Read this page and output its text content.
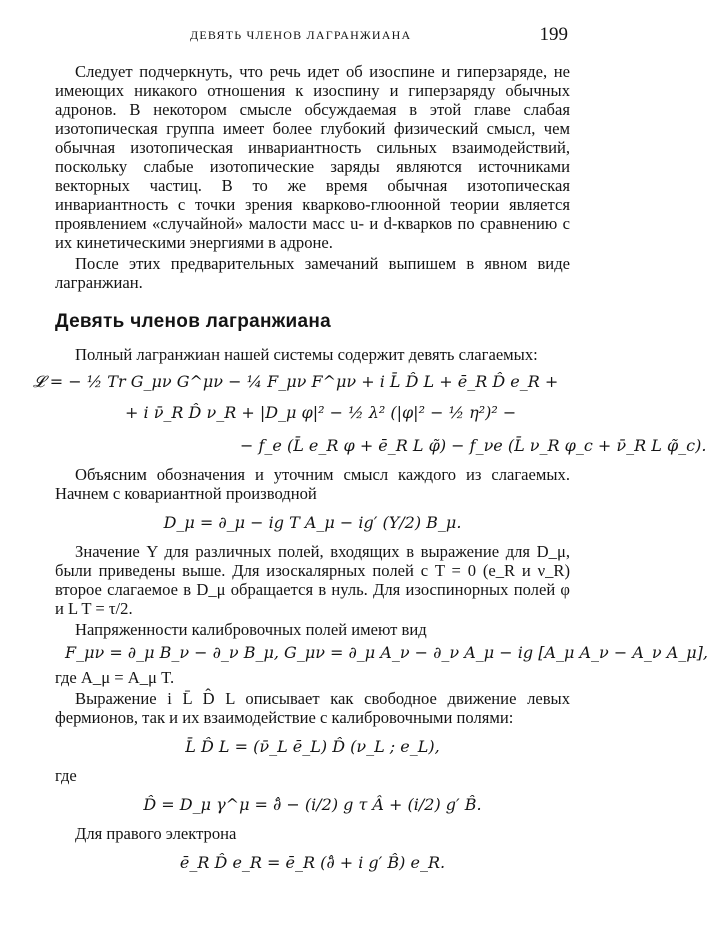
ДЕВЯТЬ ЧЛЕНОВ ЛАГРАНЖИАНА	199

Следует подчеркнуть, что речь идет об изоспине и гиперзаряде, не имеющих никакого отношения к изоспину и гиперзаряду обычных адронов. В некотором смысле обсуждаемая в этой главе слабая изотопическая группа имеет более глубокий физический смысл, чем обычная изотопическая инвариантность сильных взаимодействий, поскольку слабые изотопические заряды являются источниками векторных частиц. В то же время обычная изотопическая инвариантность с точки зрения кварково-глюонной теории является проявлением «случайной» малости масс u- и d-кварков по сравнению с их кинетическими энергиями в адроне.

После этих предварительных замечаний выпишем в явном виде лагранжиан.

Девять членов лагранжиана

Полный лагранжиан нашей системы содержит девять слагаемых:

𝓛 = − ½ Tr G_μν G^μν − ¼ F_μν F^μν + i L̄ D̂ L + ē_R D̂ e_R +
+ i ν̄_R D̂ ν_R + |D_μ φ|² − ½ λ² (|φ|² − ½ η²)² −
− f_e (L̄ e_R φ + ē_R L φ̃) − f_νe (L̄ ν_R φ_c + ν̄_R L φ̃_c).

Объясним обозначения и уточним смысл каждого из слагаемых. Начнем с ковариантной производной

D_μ = ∂_μ − ig T A_μ − ig′ (Y/2) B_μ.

Значение Y для различных полей, входящих в выражение для D_μ, были приведены выше. Для изоскалярных полей с T = 0 (e_R и ν_R) второе слагаемое в D_μ обращается в нуль. Для изоспинорных полей φ и L T = τ/2.

Напряженности калибровочных полей имеют вид

F_μν = ∂_μ B_ν − ∂_ν B_μ, G_μν = ∂_μ A_ν − ∂_ν A_μ − ig [A_μ A_ν − A_ν A_μ],

где A_μ = A_μ T.

Выражение i L̄ D̂ L описывает как свободное движение левых фермионов, так и их взаимодействие с калибровочными полями:

L̄ D̂ L = (ν̄_L ē_L) D̂ (ν_L ; e_L),

где

D̂ = D_μ γ^μ = ∂̂ − (i/2) g τ Â + (i/2) g′ B̂.

Для правого электрона

ē_R D̂ e_R = ē_R (∂̂ + i g′ B̂) e_R.
